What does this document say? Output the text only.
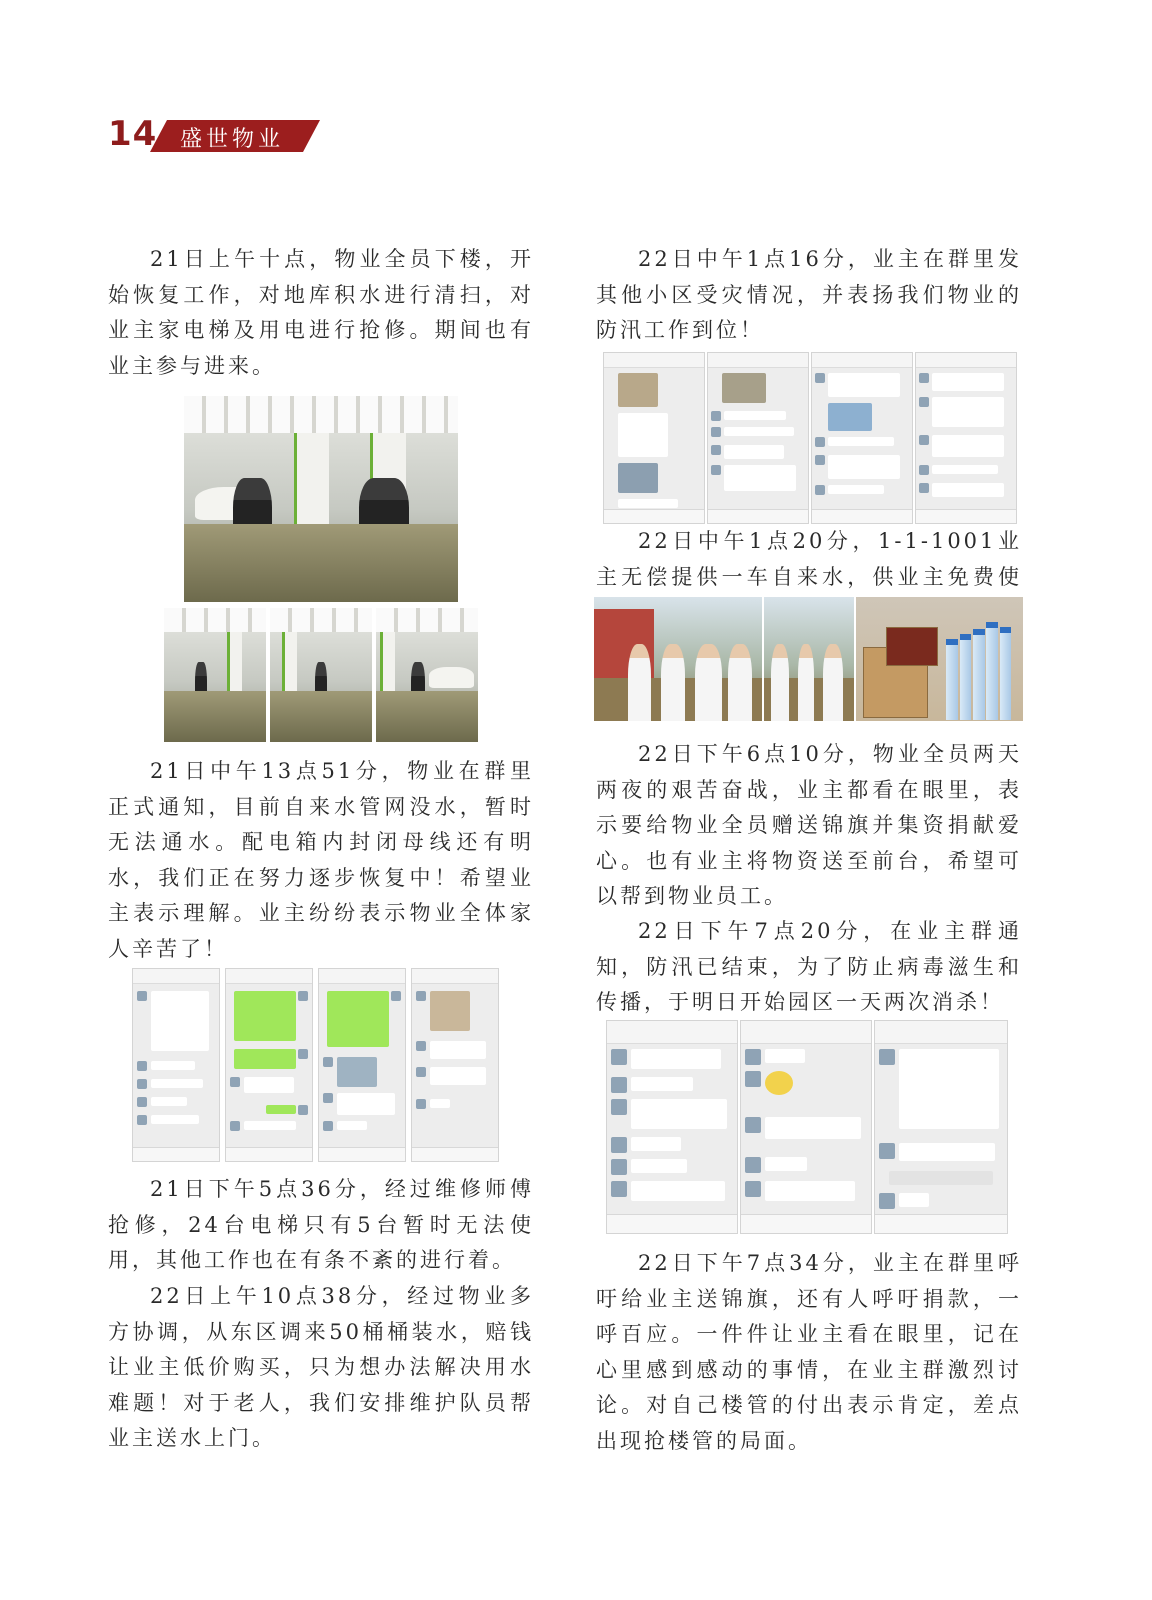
14 盛世物业

21日上午十点，物业全员下楼，开始恢复工作，对地库积水进行清扫，对业主家电梯及用电进行抢修。期间也有业主参与进来。

21日中午13点51分，物业在群里正式通知，目前自来水管网没水，暂时无法通水。配电箱内封闭母线还有明水，我们正在努力逐步恢复中！希望业主表示理解。业主纷纷表示物业全体家人辛苦了！

21日下午5点36分，经过维修师傅抢修，24台电梯只有5台暂时无法使用，其他工作也在有条不紊的进行着。

22日上午10点38分，经过物业多方协调，从东区调来50桶桶装水，赔钱让业主低价购买，只为想办法解决用水难题！对于老人，我们安排维护队员帮业主送水上门。

22日中午1点16分，业主在群里发其他小区受灾情况，并表扬我们物业的防汛工作到位！

22日中午1点20分，1-1-1001业主无偿提供一车自来水，供业主免费使

22日下午6点10分，物业全员两天两夜的艰苦奋战，业主都看在眼里，表示要给物业全员赠送锦旗并集资捐献爱心。也有业主将物资送至前台，希望可以帮到物业员工。

22日下午7点20分，在业主群通知，防汛已结束，为了防止病毒滋生和传播，于明日开始园区一天两次消杀！

22日下午7点34分，业主在群里呼吁给业主送锦旗，还有人呼吁捐款，一呼百应。一件件让业主看在眼里，记在心里感到感动的事情，在业主群激烈讨论。对自己楼管的付出表示肯定，差点出现抢楼管的局面。
